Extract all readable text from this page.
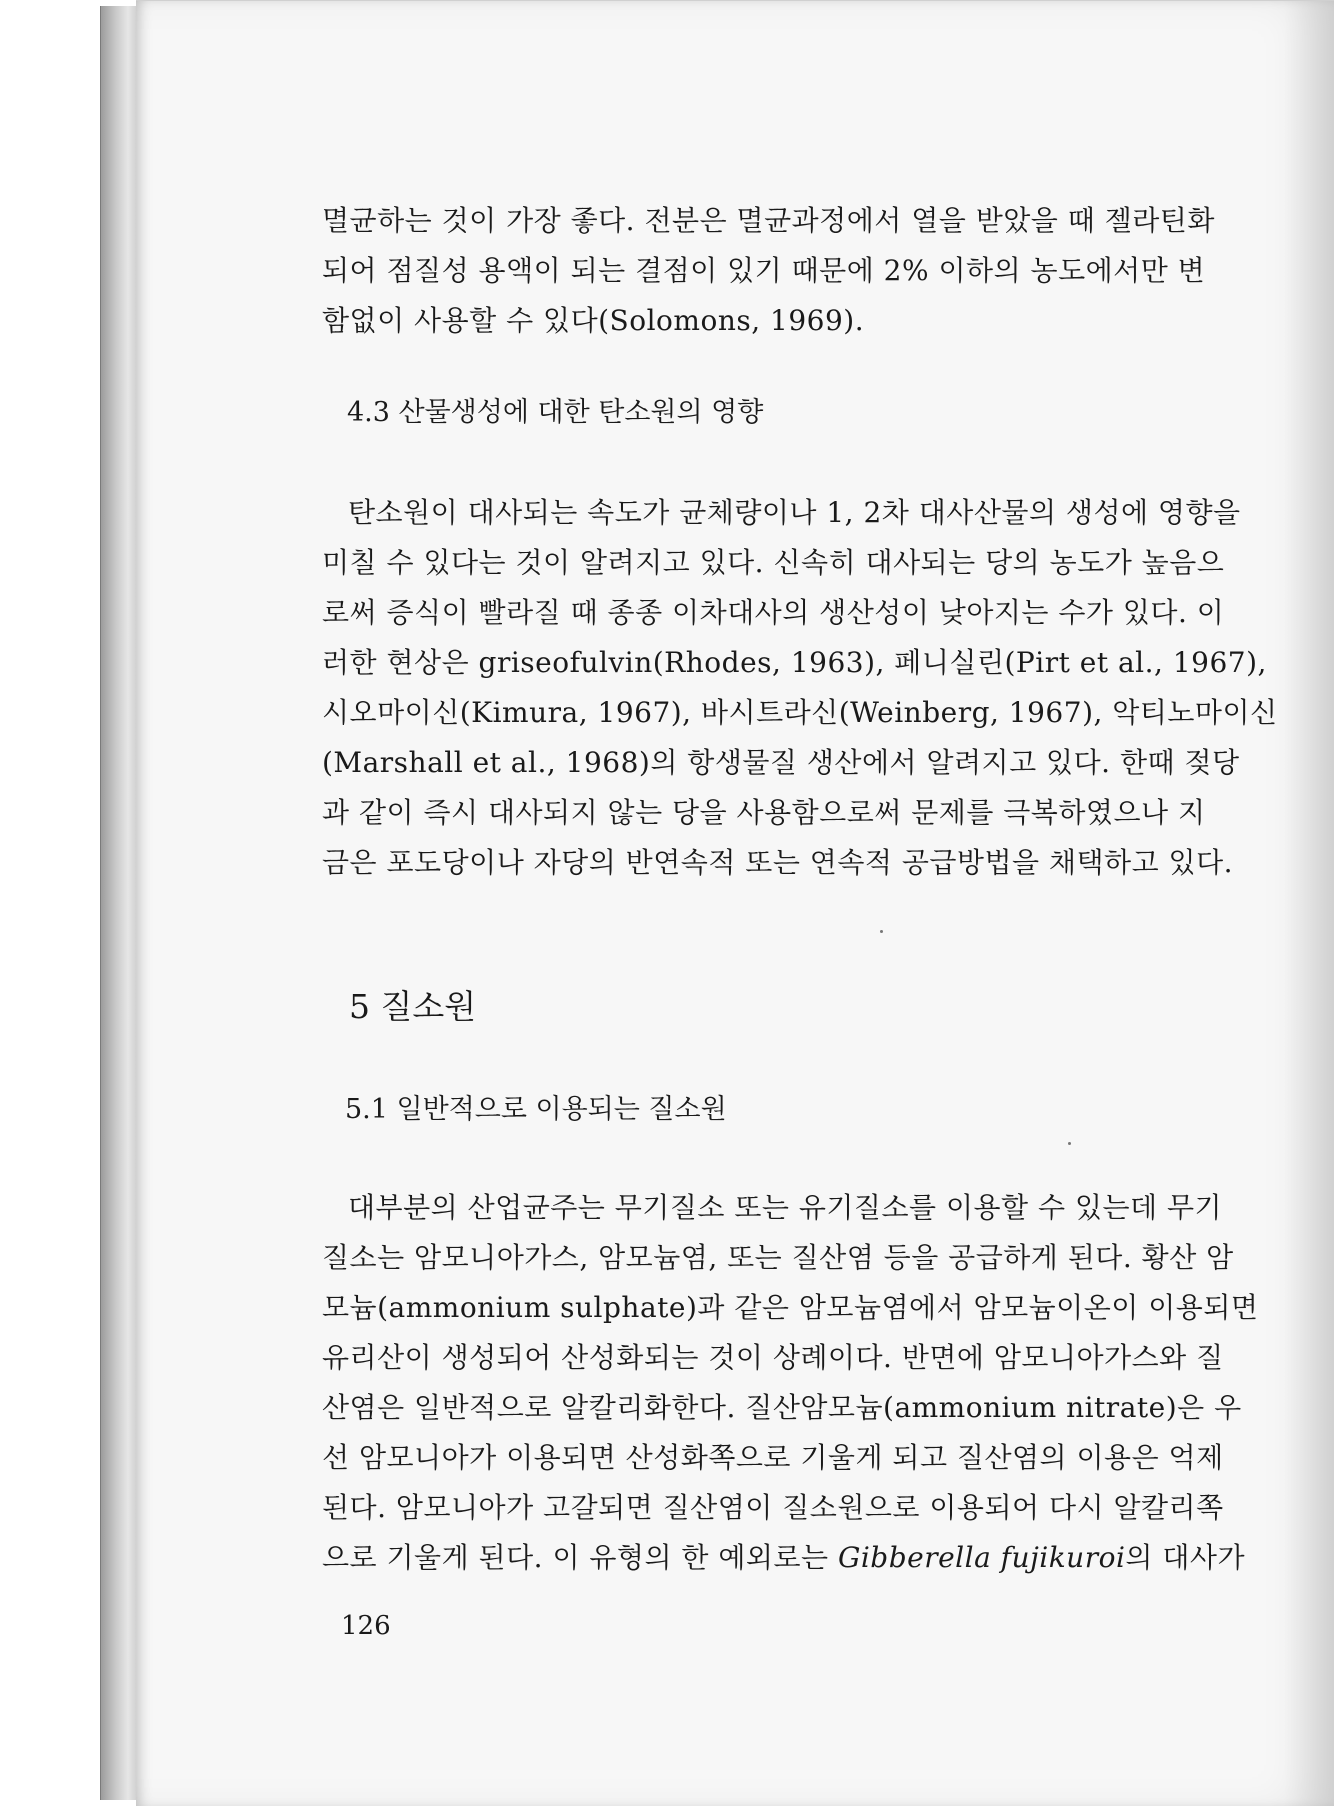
멸균하는 것이 가장 좋다. 전분은 멸균과정에서 열을 받았을 때 젤라틴화
되어 점질성 용액이 되는 결점이 있기 때문에 2% 이하의 농도에서만 변
함없이 사용할 수 있다(Solomons, 1969).

4.3 산물생성에 대한 탄소원의 영향

탄소원이 대사되는 속도가 균체량이나 1, 2차 대사산물의 생성에 영향을
미칠 수 있다는 것이 알려지고 있다. 신속히 대사되는 당의 농도가 높음으
로써 증식이 빨라질 때 종종 이차대사의 생산성이 낮아지는 수가 있다. 이
러한 현상은 griseofulvin(Rhodes, 1963), 페니실린(Pirt et al., 1967),
시오마이신(Kimura, 1967), 바시트라신(Weinberg, 1967), 악티노마이신
(Marshall et al., 1968)의 항생물질 생산에서 알려지고 있다. 한때 젖당
과 같이 즉시 대사되지 않는 당을 사용함으로써 문제를 극복하였으나 지
금은 포도당이나 자당의 반연속적 또는 연속적 공급방법을 채택하고 있다.

5 질소원

5.1 일반적으로 이용되는 질소원

대부분의 산업균주는 무기질소 또는 유기질소를 이용할 수 있는데 무기
질소는 암모니아가스, 암모늄염, 또는 질산염 등을 공급하게 된다. 황산 암
모늄(ammonium sulphate)과 같은 암모늄염에서 암모늄이온이 이용되면
유리산이 생성되어 산성화되는 것이 상례이다. 반면에 암모니아가스와 질
산염은 일반적으로 알칼리화한다. 질산암모늄(ammonium nitrate)은 우
선 암모니아가 이용되면 산성화쪽으로 기울게 되고 질산염의 이용은 억제
된다. 암모니아가 고갈되면 질산염이 질소원으로 이용되어 다시 알칼리쪽
으로 기울게 된다. 이 유형의 한 예외로는 Gibberella fujikuroi의 대사가

126
